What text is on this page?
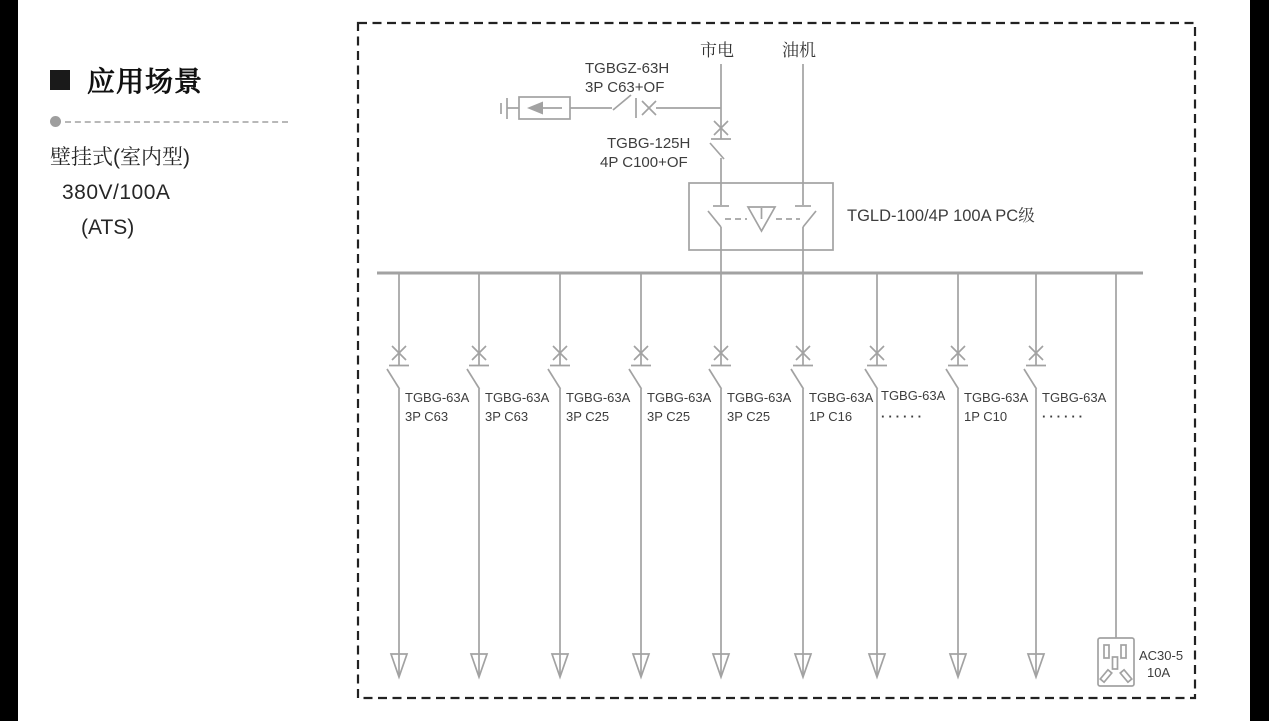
应用场景
壁挂式(室内型)
380V/100A
(ATS)
市电	油机
TGBGZ-63H
3P C63+OF
TGBG-125H
4P C100+OF
TGLD-100/4P 100A PC级
TGBG-63A
3P C63
TGBG-63A
3P C63
TGBG-63A
3P C25
TGBG-63A
3P C25
TGBG-63A
3P C25
TGBG-63A
1P C16
TGBG-63A
······
TGBG-63A
1P C10
TGBG-63A
······
AC30-5
10A
